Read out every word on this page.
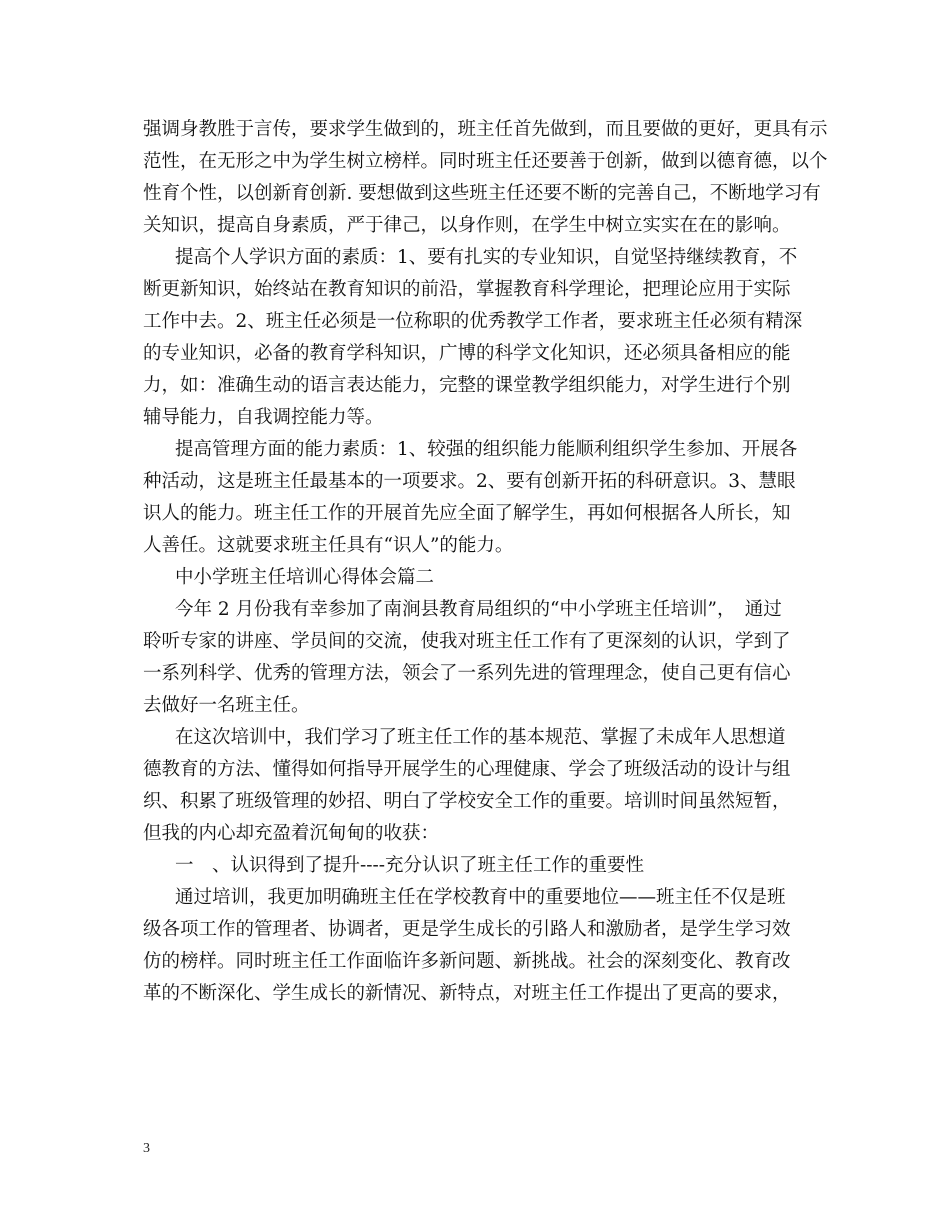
强调身教胜于言传，要求学生做到的，班主任首先做到，而且要做的更好，更具有示
范性，在无形之中为学生树立榜样。同时班主任还要善于创新，做到以德育德，以个
性育个性，以创新育创新. 要想做到这些班主任还要不断的完善自己，不断地学习有
关知识，提高自身素质，严于律己，以身作则，在学生中树立实实在在的影响。
提高个人学识方面的素质：1、要有扎实的专业知识，自觉坚持继续教育，不
断更新知识，始终站在教育知识的前沿，掌握教育科学理论，把理论应用于实际
工作中去。2、班主任必须是一位称职的优秀教学工作者，要求班主任必须有精深
的专业知识，必备的教育学科知识，广博的科学文化知识，还必须具备相应的能
力，如：准确生动的语言表达能力，完整的课堂教学组织能力，对学生进行个别
辅导能力，自我调控能力等。
提高管理方面的能力素质：1、较强的组织能力能顺利组织学生参加、开展各
种活动，这是班主任最基本的一项要求。2、要有创新开拓的科研意识。3、慧眼
识人的能力。班主任工作的开展首先应全面了解学生，再如何根据各人所长，知
人善任。这就要求班主任具有“识人”的能力。
中小学班主任培训心得体会篇二
今年 2 月份我有幸参加了南涧县教育局组织的“中小学班主任培训”，　通过
聆听专家的讲座、学员间的交流，使我对班主任工作有了更深刻的认识，学到了
一系列科学、优秀的管理方法，领会了一系列先进的管理理念，使自己更有信心
去做好一名班主任。
在这次培训中，我们学习了班主任工作的基本规范、掌握了未成年人思想道
德教育的方法、懂得如何指导开展学生的心理健康、学会了班级活动的设计与组
织、积累了班级管理的妙招、明白了学校安全工作的重要。培训时间虽然短暂，
但我的内心却充盈着沉甸甸的收获：
一　、认识得到了提升----充分认识了班主任工作的重要性
通过培训，我更加明确班主任在学校教育中的重要地位——班主任不仅是班
级各项工作的管理者、协调者，更是学生成长的引路人和激励者，是学生学习效
仿的榜样。同时班主任工作面临许多新问题、新挑战。社会的深刻变化、教育改
革的不断深化、学生成长的新情况、新特点，对班主任工作提出了更高的要求，
3
